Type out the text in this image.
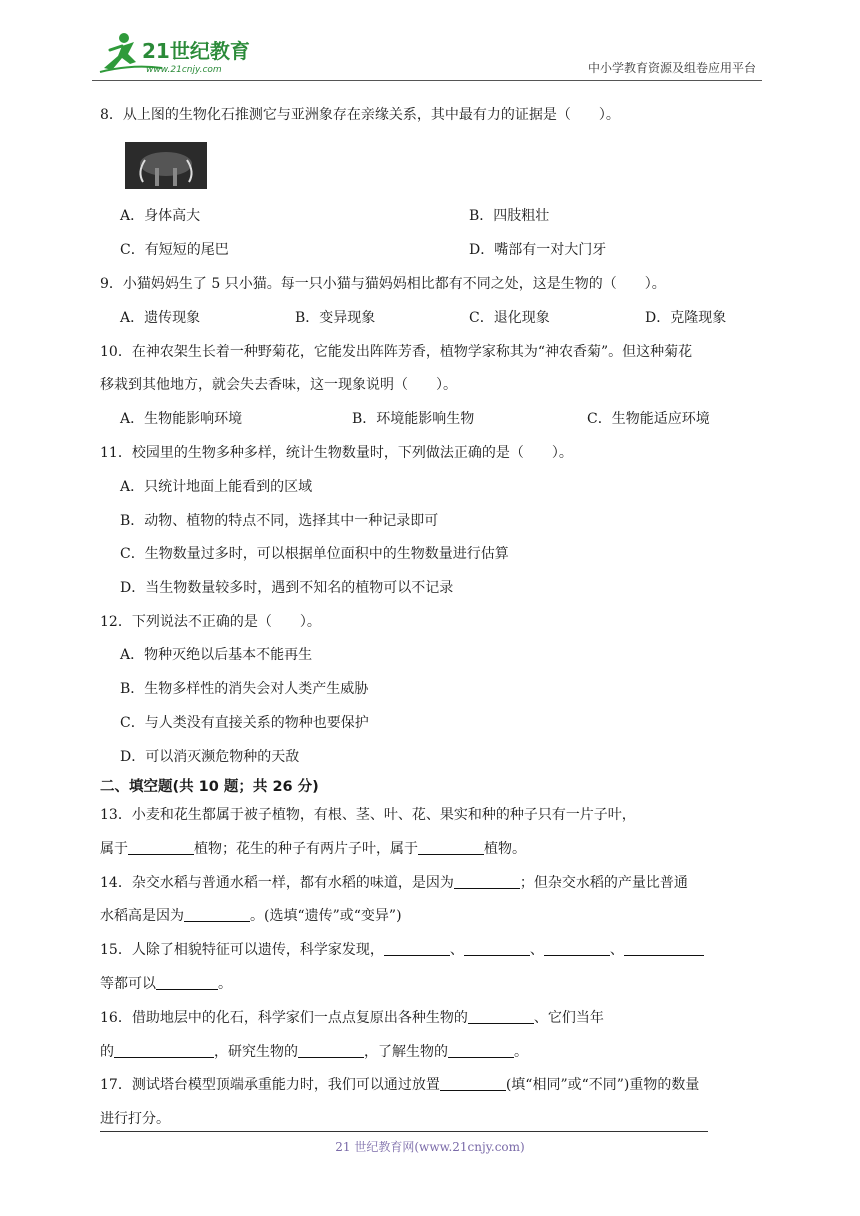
21世纪教育
www.21cnjy.com	中小学教育资源及组卷应用平台
8．从上图的生物化石推测它与亚洲象存在亲缘关系，其中最有力的证据是（　　）。
A．身体高大	B．四肢粗壮
C．有短短的尾巴	D．嘴部有一对大门牙
9．小猫妈妈生了 5 只小猫。每一只小猫与猫妈妈相比都有不同之处，这是生物的（　　）。
A．遗传现象	B．变异现象	C．退化现象	D．克隆现象
10．在神农架生长着一种野菊花，它能发出阵阵芳香，植物学家称其为“神农香菊”。但这种菊花
移栽到其他地方，就会失去香味，这一现象说明（　　）。
A．生物能影响环境	B．环境能影响生物	C．生物能适应环境
11．校园里的生物多种多样，统计生物数量时，下列做法正确的是（　　）。
A．只统计地面上能看到的区域
B．动物、植物的特点不同，选择其中一种记录即可
C．生物数量过多时，可以根据单位面积中的生物数量进行估算
D．当生物数量较多时，遇到不知名的植物可以不记录
12．下列说法不正确的是（　　）。
A．物种灭绝以后基本不能再生
B．生物多样性的消失会对人类产生威胁
C．与人类没有直接关系的物种也要保护
D．可以消灭濒危物种的天敌
二、填空题(共 10 题；共 26 分)
13．小麦和花生都属于被子植物，有根、茎、叶、花、果实和种的种子只有一片子叶，
属于	植物；花生的种子有两片子叶，属于	植物。
14．杂交水稻与普通水稻一样，都有水稻的味道，是因为	；但杂交水稻的产量比普通
水稻高是因为	。(选填“遗传”或“变异”)
15．人除了相貌特征可以遗传，科学家发现，	、	、	、
等都可以	。
16．借助地层中的化石，科学家们一点点复原出各种生物的	、它们当年
的	，研究生物的	，了解生物的	。
17．测试塔台模型顶端承重能力时，我们可以通过放置	(填“相同”或“不同”)重物的数量
进行打分。
21 世纪教育网(www.21cnjy.com)
